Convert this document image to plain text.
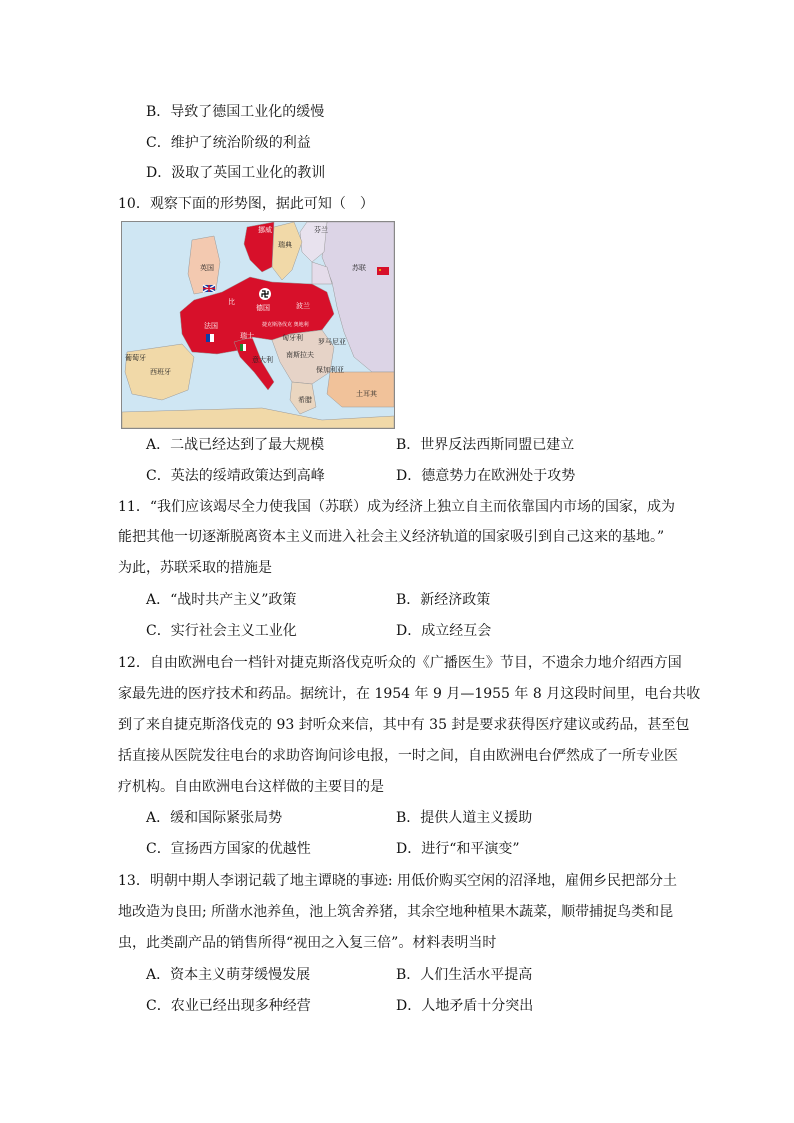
B．导致了德国工业化的缓慢
C．维护了统治阶级的利益
D．汲取了英国工业化的教训
10．观察下面的形势图，据此可知（　）
挪威
瑞典
芬兰
苏联
英国
比
德国	波兰
法国
瑞士
捷克斯洛伐克 奥地利
匈牙利 罗马尼亚
意大利
南斯拉夫
保加利亚
葡萄牙
西班牙
希腊
土耳其
A．二战已经达到了最大规模	B．世界反法西斯同盟已建立
C．英法的绥靖政策达到高峰	D．德意势力在欧洲处于攻势
11．“我们应该竭尽全力使我国（苏联）成为经济上独立自主而依靠国内市场的国家，成为
能把其他一切逐渐脱离资本主义而进入社会主义经济轨道的国家吸引到自己这来的基地。”
为此，苏联采取的措施是
A．“战时共产主义”政策	B．新经济政策
C．实行社会主义工业化	D．成立经互会
12．自由欧洲电台一档针对捷克斯洛伐克听众的《广播医生》节目，不遗余力地介绍西方国
家最先进的医疗技术和药品。据统计，在 1954 年 9 月—1955 年 8 月这段时间里，电台共收
到了来自捷克斯洛伐克的 93 封听众来信，其中有 35 封是要求获得医疗建议或药品，甚至包
括直接从医院发往电台的求助咨询问诊电报，一时之间，自由欧洲电台俨然成了一所专业医
疗机构。自由欧洲电台这样做的主要目的是
A．缓和国际紧张局势	B．提供人道主义援助
C．宣扬西方国家的优越性	D．进行“和平演变”
13．明朝中期人李诩记载了地主谭晓的事迹: 用低价购买空闲的沼泽地，雇佣乡民把部分土
地改造为良田; 所凿水池养鱼，池上筑舍养猪，其余空地种植果木蔬菜，顺带捕捉鸟类和昆
虫，此类副产品的销售所得“视田之入复三倍”。材料表明当时
A．资本主义萌芽缓慢发展	B．人们生活水平提高
C．农业已经出现多种经营	D．人地矛盾十分突出
